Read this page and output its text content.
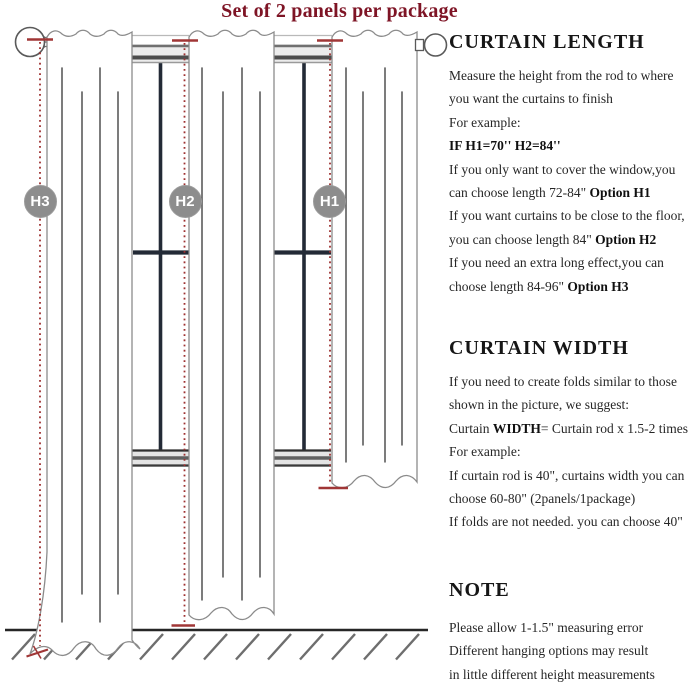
Set of 2 panels per package
H3	H2	H1
CURTAIN LENGTH
Measure the height from the rod to where
you want the curtains to finish
For example:
IF H1=70'' H2=84''
If you only want to cover the window,you
can choose length 72-84" Option H1
If you want curtains to be close to the floor,
you can choose length 84" Option H2
If you need an extra long effect,you can
choose length 84-96" Option H3
CURTAIN WIDTH
If you need to create folds similar to those
shown in the picture, we suggest:
Curtain WIDTH= Curtain rod x 1.5-2 times
For example:
If curtain rod is 40", curtains width you can
choose 60-80" (2panels/1package)
If folds are not needed. you can choose 40"
NOTE
Please allow 1-1.5" measuring error
Different hanging options may result
in little different height measurements
